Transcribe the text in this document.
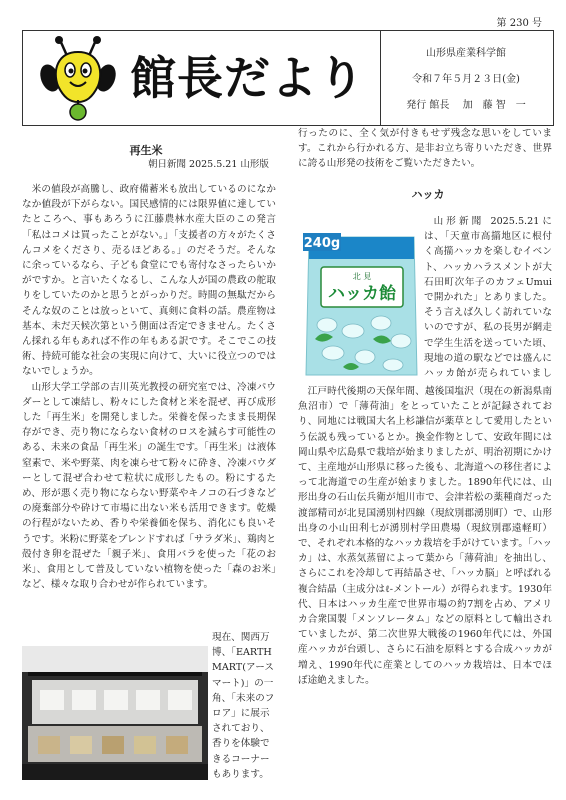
第 230 号
館長だより	山形県産業科学館
令和７年５月２３日(金)
発行 館長　 加　藤 智　一
再生米
朝日新聞 2025.5.21 山形版

米の値段が高騰し、政府備蓄米も放出しているのになかなか値段が下がらない。国民感情的には限界値に達していたところへ、事もあろうに江藤農林水産大臣のこの発言「私はコメは買ったことがない。」「支援者の方々がたくさんコメをくださり、売るほどある。」のだそうだ。そんなに余っているなら、子ども食堂にでも寄付なさったらいかがですか。と言いたくなるし、こんな人が国の農政の舵取りをしていたのかと思うとがっかりだ。時間の無駄だからそんな奴のことは放っといて、真剣に食料の話。農産物は基本、未だ天候次第という側面は否定できません。たくさん採れる年もあれば不作の年もある訳です。そこでこの技術、持続可能な社会の実現に向けて、大いに役立つのではないでしょうか。

山形大学工学部の吉川英光教授の研究室では、冷凍パウダーとして凍結し、粉々にした食材と米を混ぜ、再び成形した「再生米」を開発しました。栄養を保ったまま長期保存ができ、売り物にならない食材のロスを減らす可能性のある、未来の食品「再生米」の誕生です。「再生米」は液体窒素で、米や野菜、肉を凍らせて粉々に砕き、冷凍パウダーとして混ぜ合わせて粒状に成形したもの。粉にするため、形が悪く売り物にならない野菜やキノコの石づきなどの廃棄部分や砕けて市場に出ない米も活用できます。乾燥の行程がないため、香りや栄養価を保ち、消化にも良いそうです。米粉に野菜をブレンドすれば「サラダ米」、鶏肉と殻付き卵を混ぜた「親子米」、食用バラを使った「花のお米」、食用として普及していない植物を使った「森のお米」など、様々な取り合わせが作られています。

現在、関西万博、「EARTH MART(アースマート)」の一角、「未来のフロア」に展示されており、香りを体験できるコーナーもあります。

行ったのに、全く気が付きもせず残念な思いをしています。これから行かれる方、是非お立ち寄りいただき、世界に誇る山形発の技術をご覧いただきたい。

ハッカ
240g
北 見
ハッカ飴

山形新聞 2025.5.21には、「天童市高擶地区に根付く高擶ハッカを楽しむイベント、ハッカハラスメントが大石田町次年子のカフェUmuiで開かれた」とありました。そう言えば久しく訪れていないのですが、私の長男が網走で学生生活を送っていた頃、現地の道の駅などでは盛んにハッカ飴が売られていまし

江戸時代後期の天保年間、越後国塩沢（現在の新潟県南魚沼市）で「薄荷油」をとっていたことが記録されており、同地には戦国大名上杉謙信が薬草として愛用したという伝説も残っているとか。換金作物として、安政年間には岡山県や広島県で栽培が始まりましたが、明治初期にかけて、主産地が山形県に移った後も、北海道への移住者によって北海道での生産が始まりました。1890年代には、山形出身の石山伝兵衛が旭川市で、会津若松の薬種商だった渡部精司が北見国湧別村四線（現紋別郡湧別町）で、山形出身の小山田利七が湧別村学田農場（現紋別郡遠軽町）で、それぞれ本格的なハッカ栽培を手がけています。「ハッカ」は、水蒸気蒸留によって葉から「薄荷油」を抽出し、さらにこれを冷却して再結晶させ、「ハッカ脳」と呼ばれる複合結晶（主成分はℓ-メントール）が得られます。1930年代、日本はハッカ生産で世界市場の約7割を占め、アメリカ合衆国製「メンソレータム」などの原料として輸出されていましたが、第二次世界大戦後の1960年代には、外国産ハッカが台頭し、さらに石油を原料とする合成ハッカが増え、1990年代に産業としてのハッカ栽培は、日本でほぼ途絶えました。
